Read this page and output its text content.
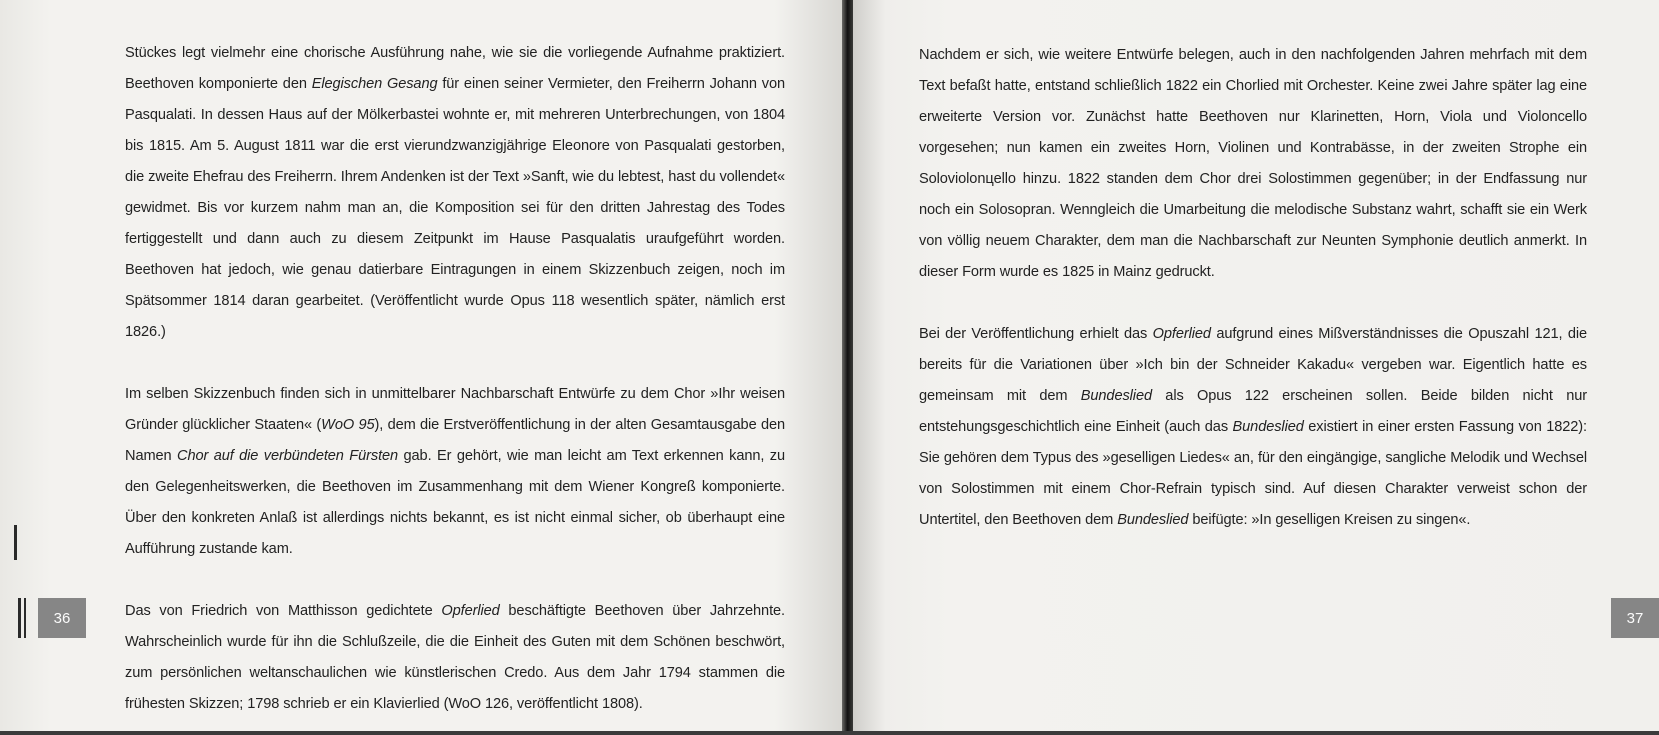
Stückes legt vielmehr eine chorische Ausführung nahe, wie sie die vorliegende Aufnahme praktiziert. Beethoven komponierte den Elegischen Gesang für einen seiner Vermieter, den Freiherrn Johann von Pasqualati. In dessen Haus auf der Mölkerbastei wohnte er, mit mehreren Unterbrechungen, von 1804 bis 1815. Am 5. August 1811 war die erst vierundzwanzigjährige Eleonore von Pasqualati gestorben, die zweite Ehefrau des Freiherrn. Ihrem Andenken ist der Text »Sanft, wie du lebtest, hast du vollendet« gewidmet. Bis vor kurzem nahm man an, die Komposition sei für den dritten Jahrestag des Todes fertiggestellt und dann auch zu diesem Zeitpunkt im Hause Pasqualatis uraufgeführt worden. Beethoven hat jedoch, wie genau datierbare Eintragungen in einem Skizzenbuch zeigen, noch im Spätsommer 1814 daran gearbeitet. (Veröffentlicht wurde Opus 118 wesentlich später, nämlich erst 1826.)

Im selben Skizzenbuch finden sich in unmittelbarer Nachbarschaft Entwürfe zu dem Chor »Ihr weisen Gründer glücklicher Staaten« (WoO 95), dem die Erstveröffentlichung in der alten Gesamtausgabe den Namen Chor auf die verbündeten Fürsten gab. Er gehört, wie man leicht am Text erkennen kann, zu den Gelegenheitswerken, die Beethoven im Zusammenhang mit dem Wiener Kongreß komponierte. Über den konkreten Anlaß ist allerdings nichts bekannt, es ist nicht einmal sicher, ob überhaupt eine Aufführung zustande kam.

Das von Friedrich von Matthisson gedichtete Opferlied beschäftigte Beethoven über Jahrzehnte. Wahrscheinlich wurde für ihn die Schlußzeile, die die Einheit des Guten mit dem Schönen beschwört, zum persönlichen weltanschaulichen wie künstlerischen Credo. Aus dem Jahr 1794 stammen die frühesten Skizzen; 1798 schrieb er ein Klavierlied (WoO 126, veröffentlicht 1808).

36

Nachdem er sich, wie weitere Entwürfe belegen, auch in den nachfolgenden Jahren mehrfach mit dem Text befaßt hatte, entstand schließlich 1822 ein Chorlied mit Orchester. Keine zwei Jahre später lag eine erweiterte Version vor. Zunächst hatte Beethoven nur Klarinetten, Horn, Viola und Violoncello vorgesehen; nun kamen ein zweites Horn, Violinen und Kontrabässe, in der zweiten Strophe ein Soloviolonцello hinzu. 1822 standen dem Chor drei Solostimmen gegenüber; in der Endfassung nur noch ein Solosopran. Wenngleich die Umarbeitung die melodische Substanz wahrt, schafft sie ein Werk von völlig neuem Charakter, dem man die Nachbarschaft zur Neunten Symphonie deutlich anmerkt. In dieser Form wurde es 1825 in Mainz gedruckt.

Bei der Veröffentlichung erhielt das Opferlied aufgrund eines Mißverständnisses die Opuszahl 121, die bereits für die Variationen über »Ich bin der Schneider Kakadu« vergeben war. Eigentlich hatte es gemeinsam mit dem Bundeslied als Opus 122 erscheinen sollen. Beide bilden nicht nur entstehungsgeschichtlich eine Einheit (auch das Bundeslied existiert in einer ersten Fassung von 1822): Sie gehören dem Typus des »geselligen Liedes« an, für den eingängige, sangliche Melodik und Wechsel von Solostimmen mit einem Chor-Refrain typisch sind. Auf diesen Charakter verweist schon der Untertitel, den Beethoven dem Bundeslied beifügte: »In geselligen Kreisen zu singen«.

37
